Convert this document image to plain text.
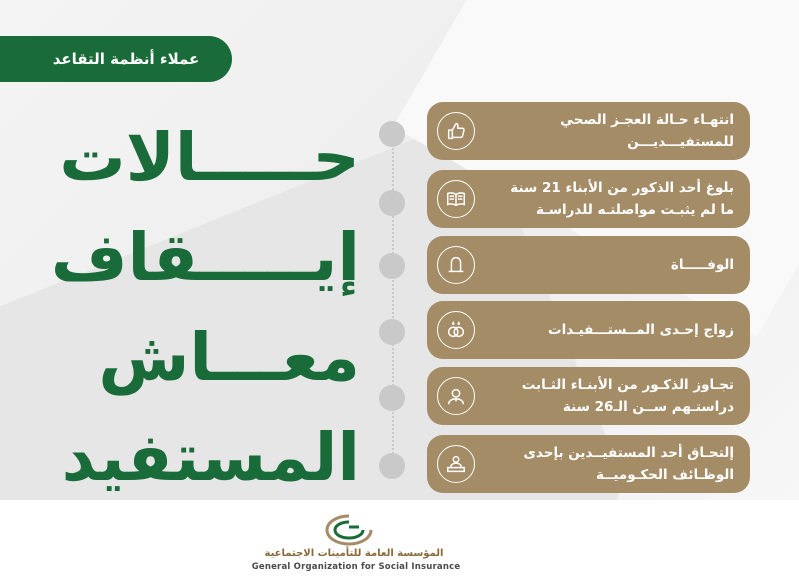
عملاء أنظمة التقاعد
حـــــالات
إيـــــقاف
معـــاش
المستفيد
انتهـاء حـالة العجـز الصحي
للمستفيـــديـــن
بلوغ أحد الذكور من الأبناء 21 سنة
ما لم يثبـت مواصلتـه للدراسـة
الوفـــــاة
زواج إحـدى المــستـــفيـدات
تجـاوز الذكـور من الأبنـاء الثـابت
دراستـهم ســن الـ26 سنة
إلتحـاق أحد المستفيــدين بإحدى
الوظـائف الحكـوميــة
المؤسسة العامة للتأمينات الاجتماعية
General Organization for Social Insurance
